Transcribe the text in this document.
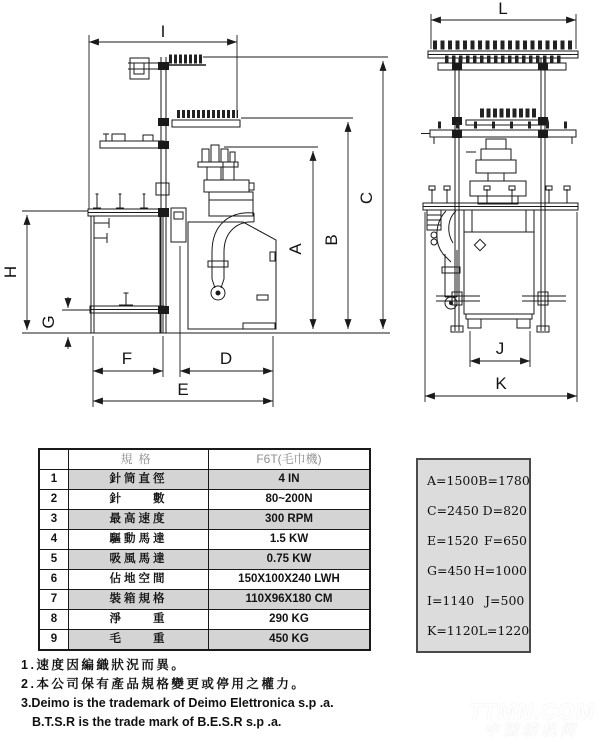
I
C
B
A
H
G
F	D
E
L
J
K
	規格	F6T(毛巾機)
1	針筒直徑	4 IN
2	針　　數	80~200N
3	最高速度	300 RPM
4	驅動馬達	1.5 KW
5	吸風馬達	0.75 KW
6	佔地空間	150X100X240 LWH
7	裝箱規格	110X96X180 CM
8	淨　　重	290 KG
9	毛　　重	450 KG
A=1500 B=1780
C=2450 D=820
E=1520 F=650
G=450 H=1000
I=1140 J=500
K=1120 L=1220
1.速度因編織狀況而異。
2.本公司保有產品規格變更或停用之權力。
3.Deimo is the trademark of Deimo Elettronica s.p .a.
B.T.S.R is the trade mark of B.E.S.R s.p .a.	TTMN.COM
中国纺机网
